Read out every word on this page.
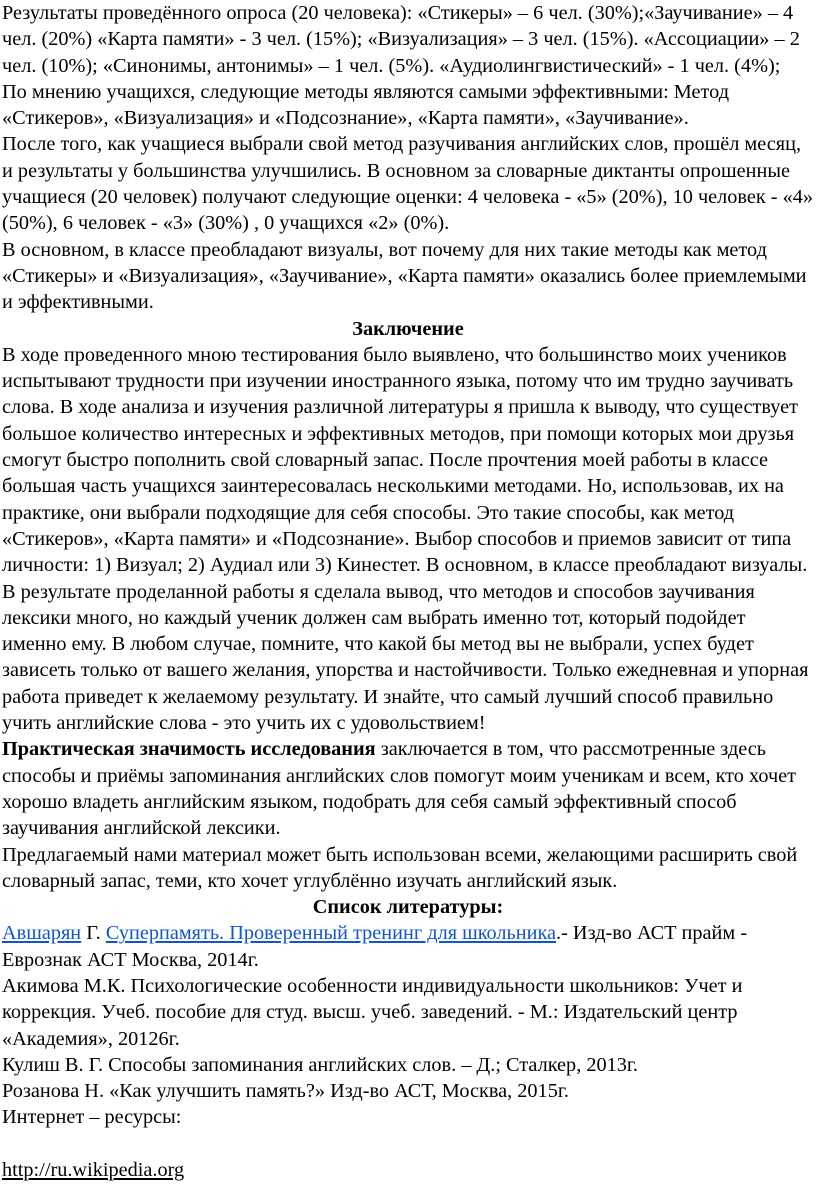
Результаты проведённого опроса (20 человека): «Стикеры» – 6 чел. (30%);«Заучивание» – 4 чел. (20%) «Карта памяти» - 3 чел. (15%); «Визуализация» – 3 чел. (15%). «Ассоциации» – 2 чел. (10%); «Синонимы, антонимы» – 1 чел. (5%). «Аудиолингвистический» - 1 чел. (4%);

По мнению учащихся, следующие методы являются самыми эффективными: Метод «Стикеров», «Визуализация» и «Подсознание», «Карта памяти», «Заучивание».

После того, как учащиеся выбрали свой метод разучивания английских слов, прошёл месяц, и результаты у большинства улучшились. В основном за словарные диктанты опрошенные учащиеся (20 человек) получают следующие оценки: 4 человека - «5» (20%), 10 человек - «4» (50%), 6 человек - «3» (30%) , 0 учащихся «2» (0%).

В основном, в классе преобладают визуалы, вот почему для них такие методы как метод «Стикеры» и «Визуализация», «Заучивание», «Карта памяти» оказались более приемлемыми и эффективными.

Заключение

В ходе проведенного мною тестирования было выявлено, что большинство моих учеников испытывают трудности при изучении иностранного языка, потому что им трудно заучивать слова. В ходе анализа и изучения различной литературы я пришла к выводу, что существует большое количество интересных и эффективных методов, при помощи которых мои друзья смогут быстро пополнить свой словарный запас. После прочтения моей работы в классе большая часть учащихся заинтересовалась несколькими методами. Но, использовав, их на практике, они выбрали подходящие для себя способы. Это такие способы, как метод «Стикеров», «Карта памяти» и «Подсознание». Выбор способов и приемов зависит от типа личности: 1) Визуал; 2) Аудиал или 3) Кинестет. В основном, в классе преобладают визуалы.

В результате проделанной работы я сделала вывод, что методов и способов заучивания лексики много, но каждый ученик должен сам выбрать именно тот, который подойдет именно ему. В любом случае, помните, что какой бы метод вы не выбрали, успех будет зависеть только от вашего желания, упорства и настойчивости. Только ежедневная и упорная работа приведет к желаемому результату. И знайте, что самый лучший способ правильно учить английские слова - это учить их с удовольствием!

Практическая значимость исследования заключается в том, что рассмотренные здесь способы и приёмы запоминания английских слов помогут моим ученикам и всем, кто хочет хорошо владеть английским языком, подобрать для себя самый эффективный способ заучивания английской лексики.

Предлагаемый нами материал может быть использован всеми, желающими расширить свой словарный запас, теми, кто хочет углублённо изучать английский язык.

Список литературы:

Авшарян Г. Суперпамять. Проверенный тренинг для школьника.- Изд-во АСТ прайм - Еврознак АСТ Москва, 2014г.

Акимова М.К. Психологические особенности индивидуальности школьников: Учет и коррекция. Учеб. пособие для студ. высш. учеб. заведений. - М.: Издательский центр «Академия», 20126г.

Кулиш В. Г. Способы запоминания английских слов. – Д.; Сталкер, 2013г.

Розанова Н. «Как улучшить память?» Изд-во АСТ, Москва, 2015г.

Интернет – ресурсы:

http://ru.wikipedia.org
